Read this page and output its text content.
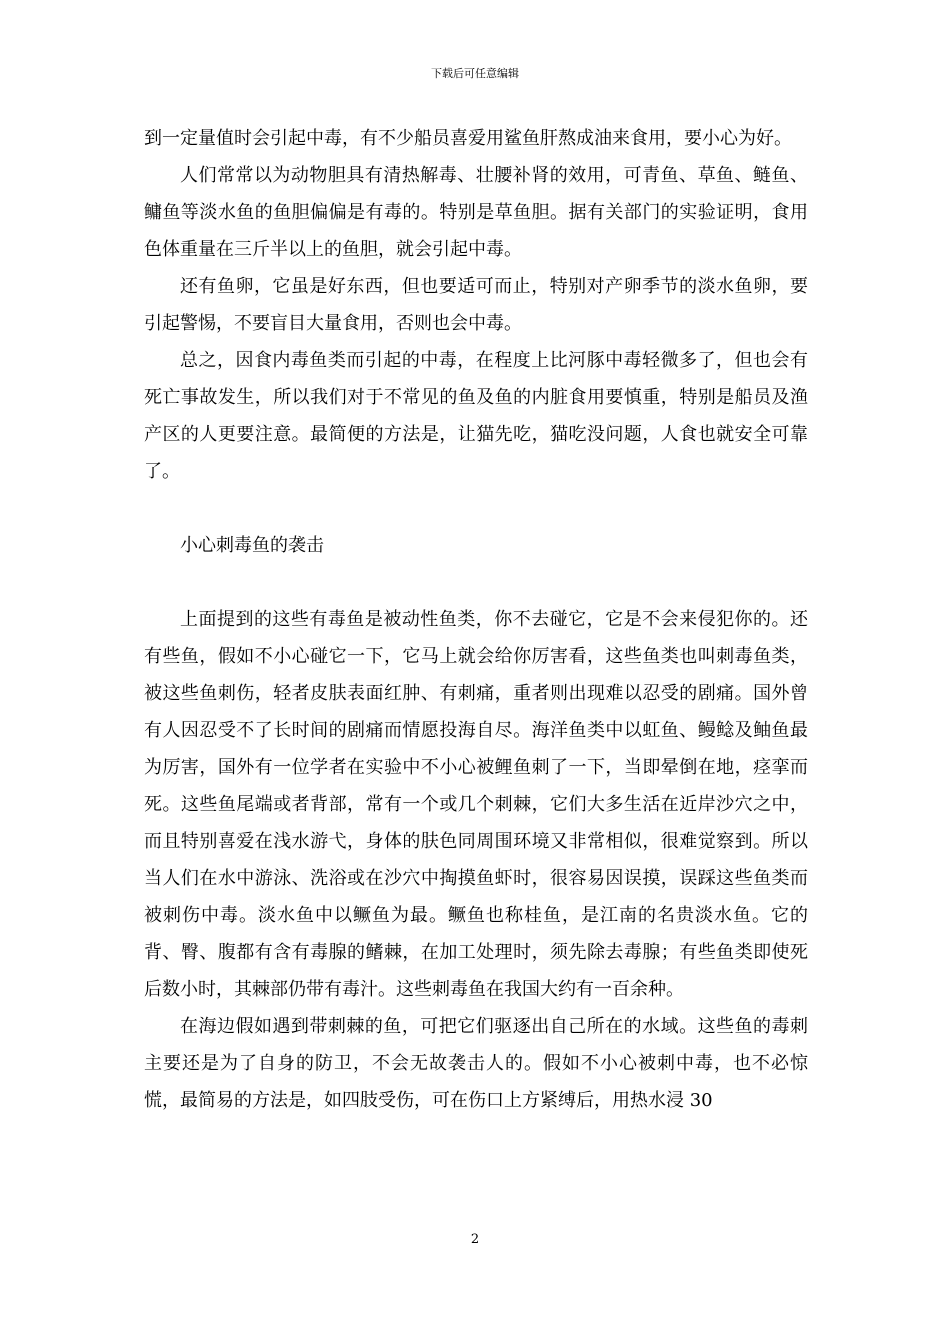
下载后可任意编辑

到一定量值时会引起中毒，有不少船员喜爱用鲨鱼肝熬成油来食用，要小心为好。

人们常常以为动物胆具有清热解毒、壮腰补肾的效用，可青鱼、草鱼、鲢鱼、鳙鱼等淡水鱼的鱼胆偏偏是有毒的。特别是草鱼胆。据有关部门的实验证明，食用色体重量在三斤半以上的鱼胆，就会引起中毒。

还有鱼卵，它虽是好东西，但也要适可而止，特别对产卵季节的淡水鱼卵，要引起警惕，不要盲目大量食用，否则也会中毒。

总之，因食内毒鱼类而引起的中毒，在程度上比河豚中毒轻微多了，但也会有死亡事故发生，所以我们对于不常见的鱼及鱼的内脏食用要慎重，特别是船员及渔产区的人更要注意。最简便的方法是，让猫先吃，猫吃没问题，人食也就安全可靠了。

小心刺毒鱼的袭击

上面提到的这些有毒鱼是被动性鱼类，你不去碰它，它是不会来侵犯你的。还有些鱼，假如不小心碰它一下，它马上就会给你厉害看，这些鱼类也叫刺毒鱼类，被这些鱼刺伤，轻者皮肤表面红肿、有刺痛，重者则出现难以忍受的剧痛。国外曾有人因忍受不了长时间的剧痛而情愿投海自尽。海洋鱼类中以虹鱼、鳗鲶及鲉鱼最为厉害，国外有一位学者在实验中不小心被鲤鱼刺了一下，当即晕倒在地，痉挛而死。这些鱼尾端或者背部，常有一个或几个刺棘，它们大多生活在近岸沙穴之中，而且特别喜爱在浅水游弋，身体的肤色同周围环境又非常相似，很难觉察到。所以当人们在水中游泳、洗浴或在沙穴中掏摸鱼虾时，很容易因误摸，误踩这些鱼类而被刺伤中毒。淡水鱼中以鳜鱼为最。鳜鱼也称桂鱼，是江南的名贵淡水鱼。它的背、臀、腹都有含有毒腺的鳍棘，在加工处理时，须先除去毒腺；有些鱼类即使死后数小时，其棘部仍带有毒汁。这些刺毒鱼在我国大约有一百余种。

在海边假如遇到带刺棘的鱼，可把它们驱逐出自己所在的水域。这些鱼的毒刺主要还是为了自身的防卫，不会无故袭击人的。假如不小心被刺中毒，也不必惊慌，最简易的方法是，如四肢受伤，可在伤口上方紧缚后，用热水浸 30

2
